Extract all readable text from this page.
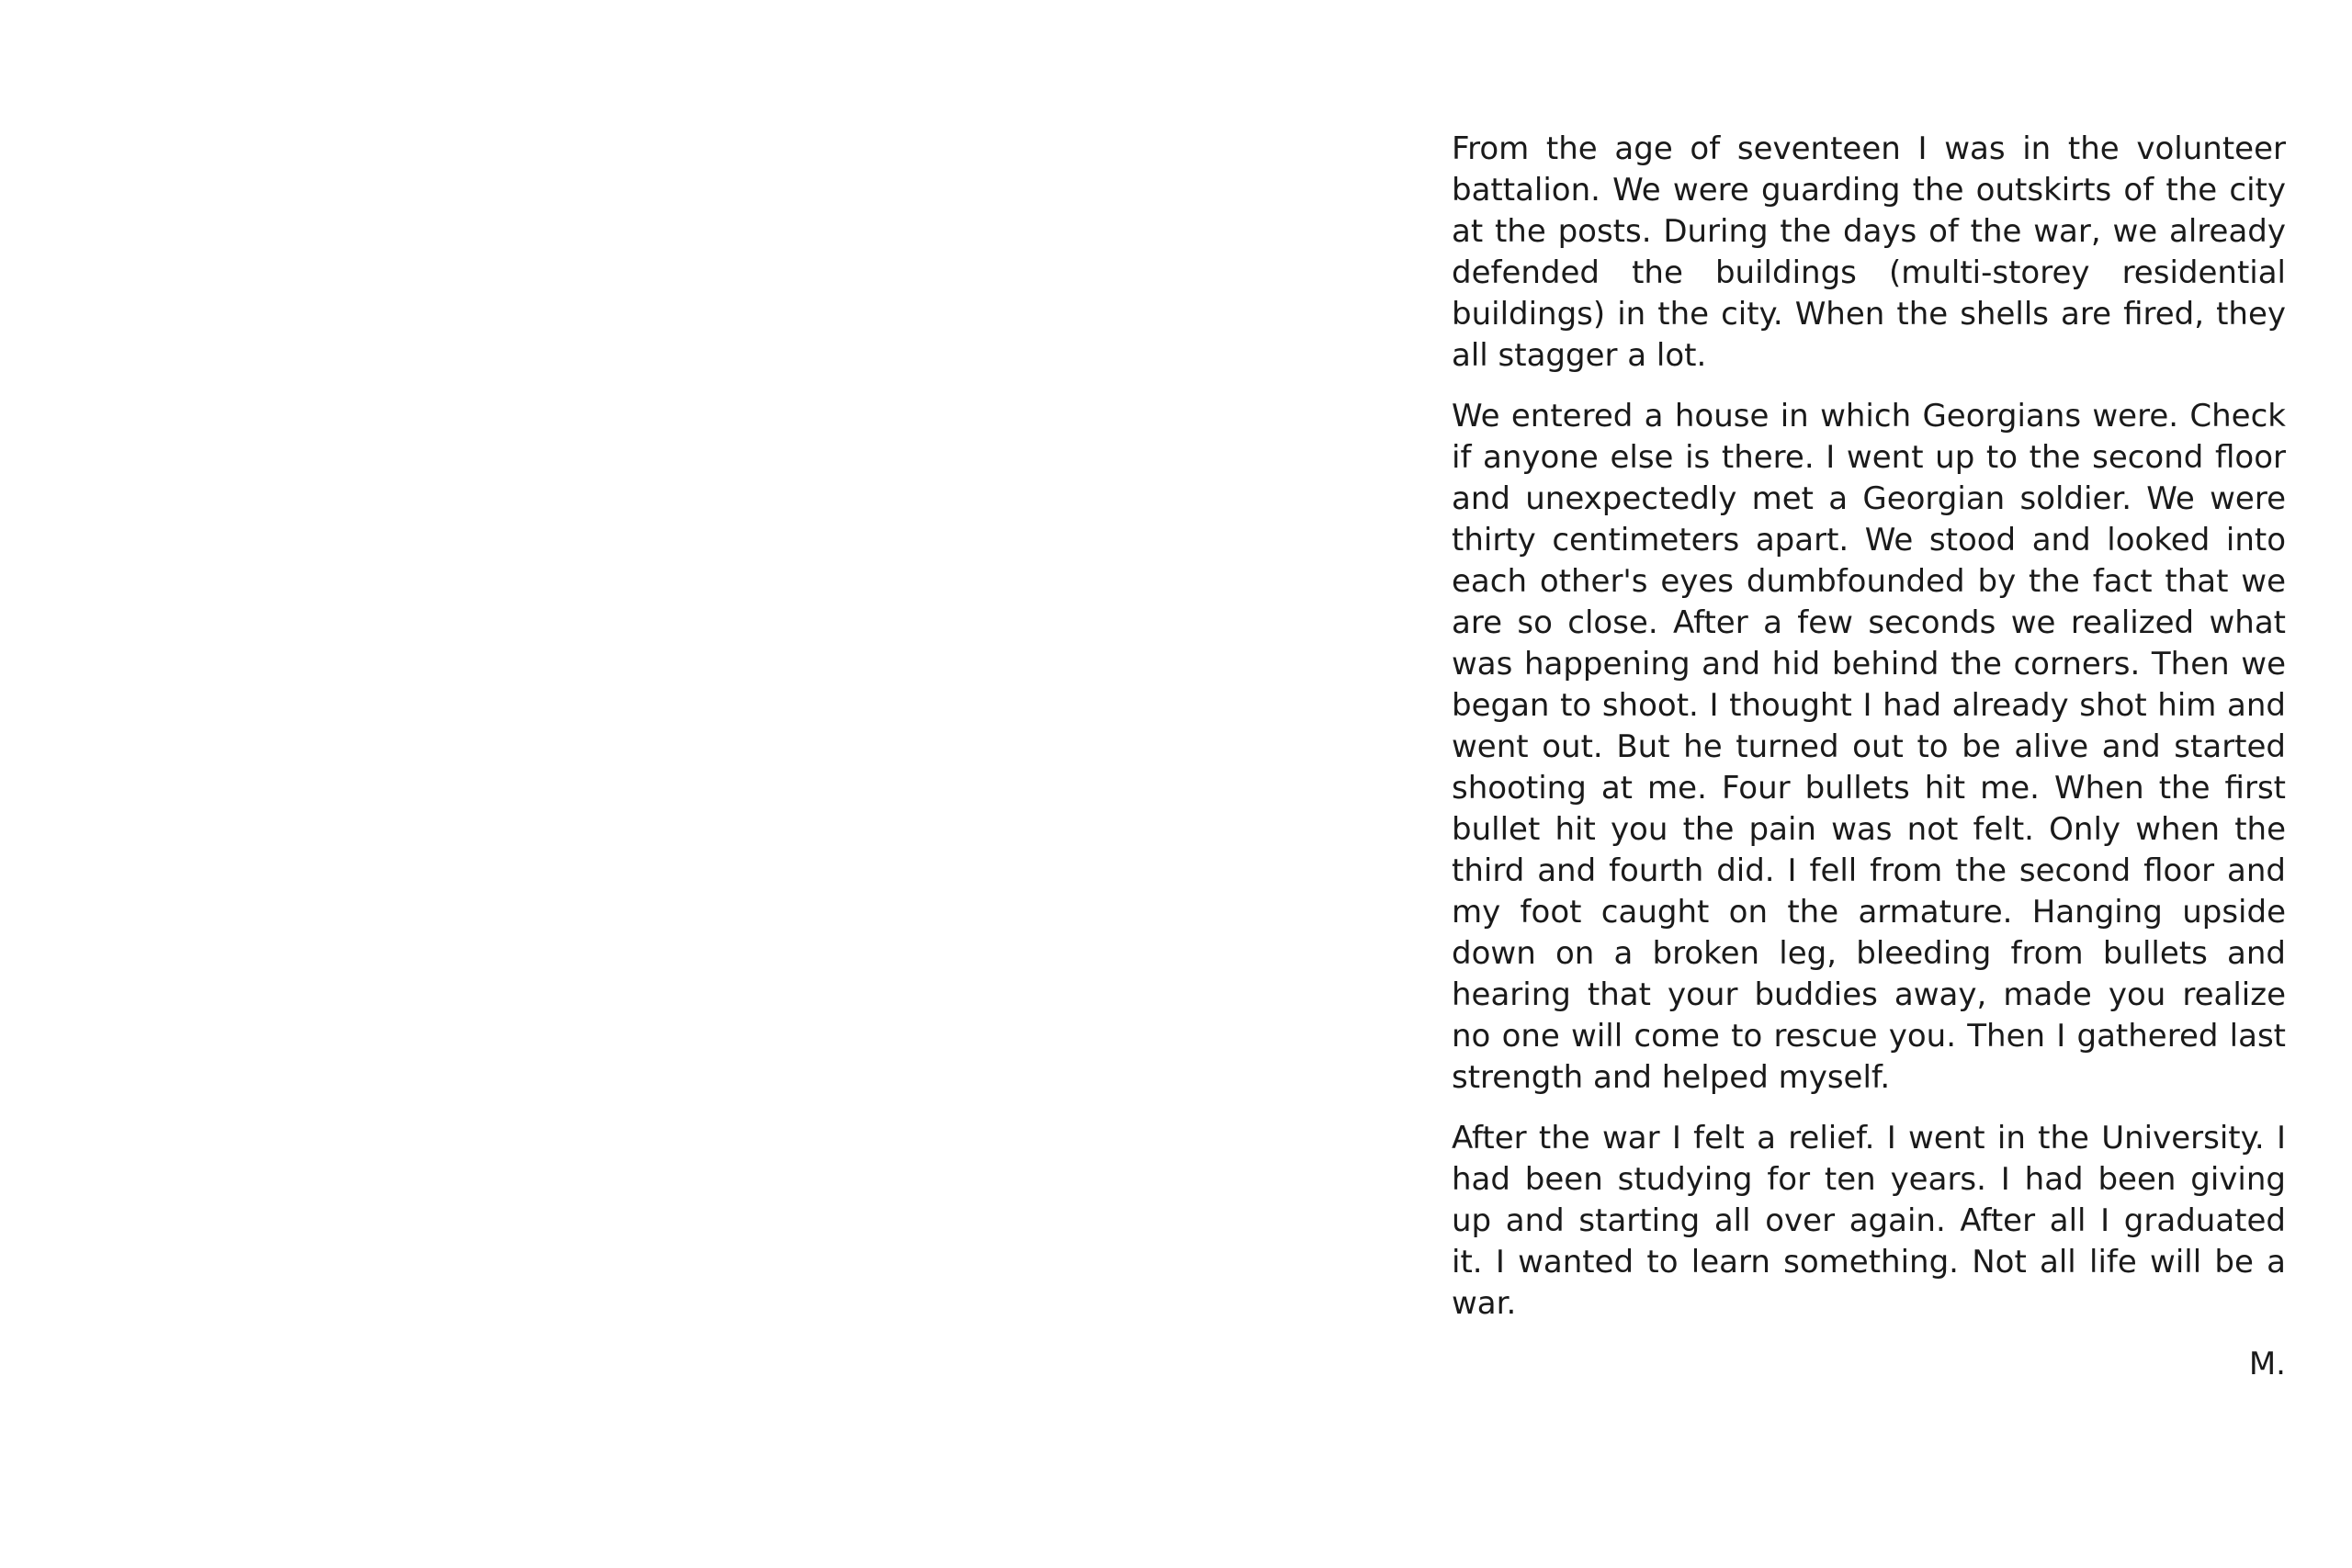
From the age of seventeen I was in the volunteer battalion. We were guarding the outskirts of the city at the posts. During the days of the war, we already defended the buildings (multi-storey residential buildings) in the city. When the shells are fired, they all stagger a lot.

We entered a house in which Georgians were. Check if anyone else is there. I went up to the second floor and unexpectedly met a Georgian soldier. We were thirty centimeters apart. We stood and looked into each other's eyes dumbfounded by the fact that we are so close. After a few seconds we realized what was happening and hid behind the corners. Then we began to shoot. I thought I had already shot him and went out. But he turned out to be alive and started shooting at me. Four bullets hit me. When the first bullet hit you the pain was not felt. Only when the third and fourth did. I fell from the second floor and my foot caught on the armature. Hanging upside down on a broken leg, bleeding from bullets and hearing that your buddies away, made you realize no one will come to rescue you. Then I gathered last strength and helped myself.

After the war I felt a relief. I went in the University. I had been studying for ten years. I had been giving up and starting all over again. After all I graduated it. I wanted to learn something. Not all life will be a war.

M.
